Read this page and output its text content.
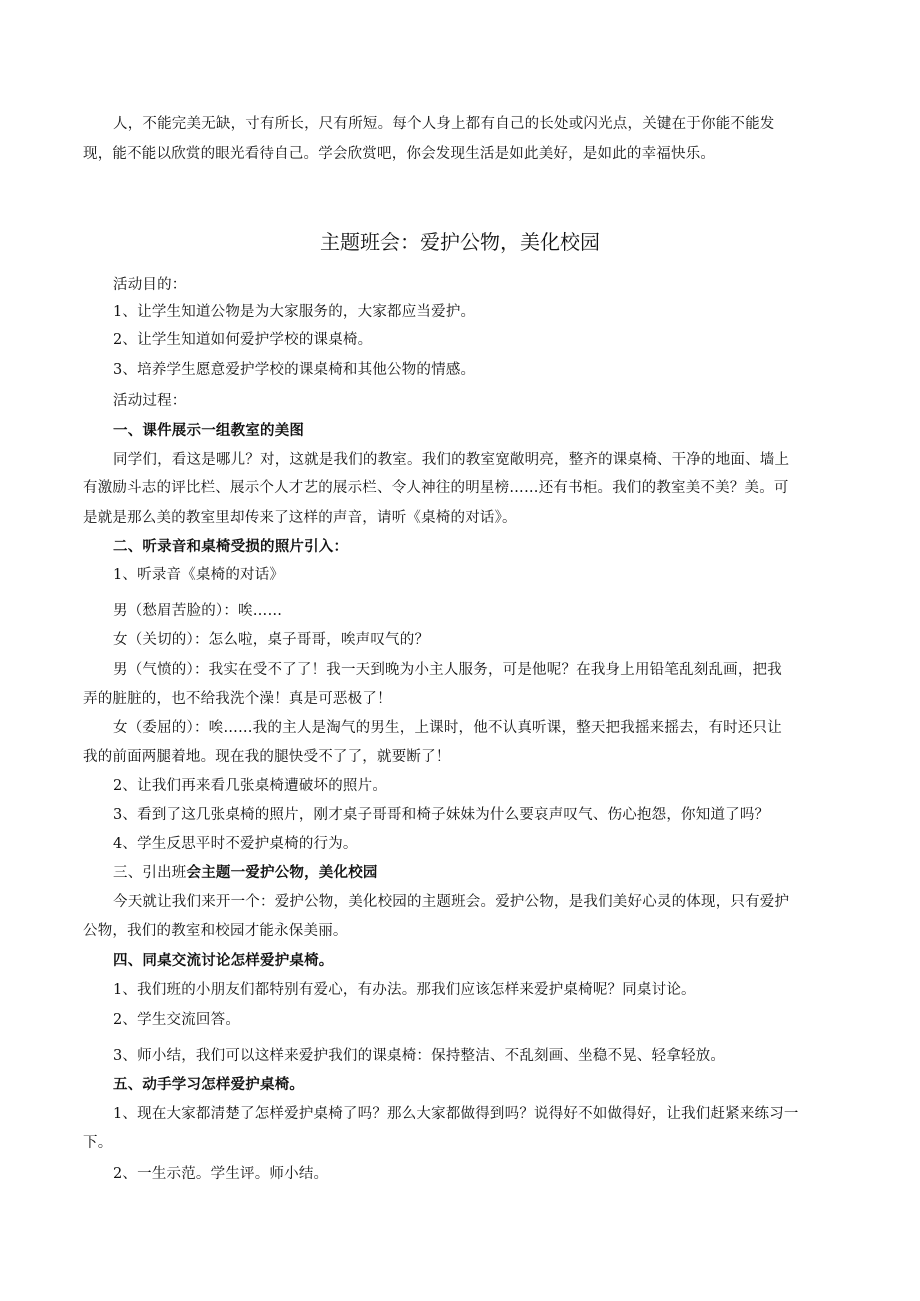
人，不能完美无缺，寸有所长，尺有所短。每个人身上都有自己的长处或闪光点，关键在于你能不能发
现，能不能以欣赏的眼光看待自己。学会欣赏吧，你会发现生活是如此美好，是如此的幸福快乐。
主题班会：爱护公物，美化校园
活动目的：
1、让学生知道公物是为大家服务的，大家都应当爱护。
2、让学生知道如何爱护学校的课桌椅。
3、培养学生愿意爱护学校的课桌椅和其他公物的情感。
活动过程：
一、课件展示一组教室的美图
同学们，看这是哪儿？对，这就是我们的教室。我们的教室宽敞明亮，整齐的课桌椅、干净的地面、墙上
有激励斗志的评比栏、展示个人才艺的展示栏、令人神往的明星榜……还有书柜。我们的教室美不美？美。可
是就是那么美的教室里却传来了这样的声音，请听《桌椅的对话》。
二、听录音和桌椅受损的照片引入：
1、听录音《桌椅的对话》
男（愁眉苦脸的）：唉……
女（关切的）：怎么啦，桌子哥哥，唉声叹气的？
男（气愤的）：我实在受不了了！我一天到晚为小主人服务，可是他呢？在我身上用铅笔乱刻乱画，把我
弄的脏脏的，也不给我洗个澡！真是可恶极了！
女（委屈的）：唉……我的主人是淘气的男生，上课时，他不认真听课，整天把我摇来摇去，有时还只让
我的前面两腿着地。现在我的腿快受不了了，就要断了！
2、让我们再来看几张桌椅遭破坏的照片。
3、看到了这几张桌椅的照片，刚才桌子哥哥和椅子妹妹为什么要哀声叹气、伤心抱怨，你知道了吗？
4、学生反思平时不爱护桌椅的行为。
三、引出班会主题一爱护公物，美化校园
今天就让我们来开一个：爱护公物，美化校园的主题班会。爱护公物，是我们美好心灵的体现，只有爱护
公物，我们的教室和校园才能永保美丽。
四、同桌交流讨论怎样爱护桌椅。
1、我们班的小朋友们都特别有爱心，有办法。那我们应该怎样来爱护桌椅呢？同桌讨论。
2、学生交流回答。
3、师小结，我们可以这样来爱护我们的课桌椅：保持整洁、不乱刻画、坐稳不晃、轻拿轻放。
五、动手学习怎样爱护桌椅。
1、现在大家都清楚了怎样爱护桌椅了吗？那么大家都做得到吗？说得好不如做得好，让我们赶紧来练习一
下。
2、一生示范。学生评。师小结。
